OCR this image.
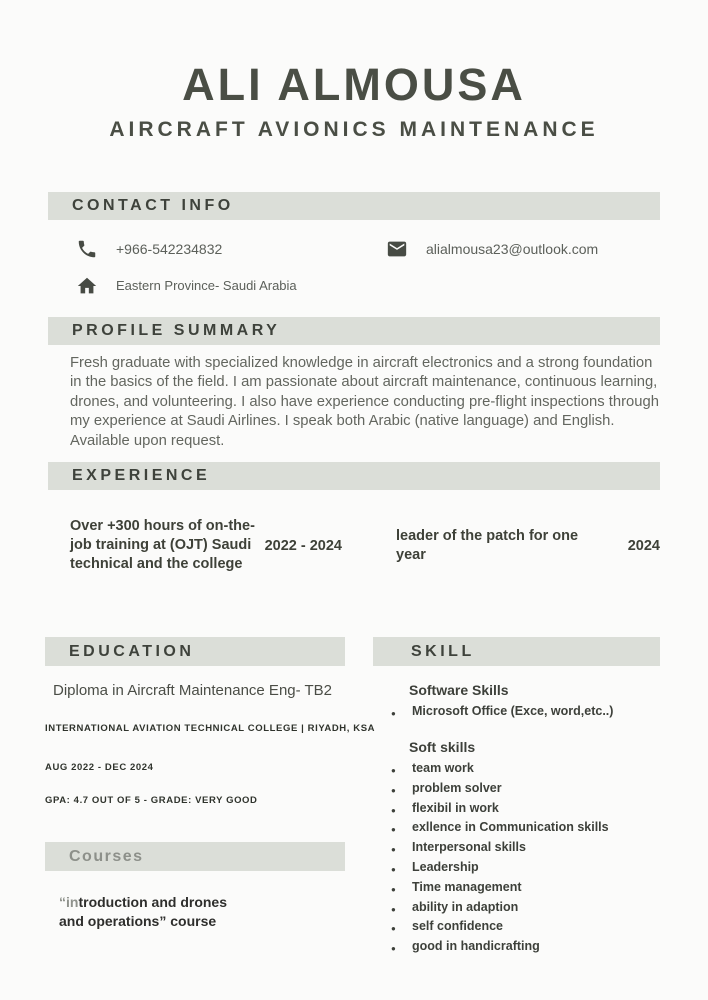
ALI ALMOUSA
AIRCRAFT AVIONICS MAINTENANCE
CONTACT INFO
+966-542234832	alialmousa23@outlook.com
Eastern Province- Saudi Arabia
PROFILE SUMMARY

Fresh graduate with specialized knowledge in aircraft electronics and a strong foundation in the basics of the field. I am passionate about aircraft maintenance, continuous learning, drones, and volunteering. I also have experience conducting pre-flight inspections through my experience at Saudi Airlines. I speak both Arabic (native language) and English. Available upon request.

EXPERIENCE
Over +300 hours of on-the-job training at (OJT) Saudi technical and the college
2022 - 2024
leader of the patch for one year
2024
EDUCATION
Diploma in Aircraft Maintenance Eng- TB2
INTERNATIONAL AVIATION TECHNICAL COLLEGE | RIYADH, KSA
AUG 2022 - DEC 2024
GPA: 4.7 OUT OF 5 - GRADE: VERY GOOD
Courses
“introduction and drones
and operations” course
SKILL
Software Skills
● Microsoft Office (Exce, word,etc..)
Soft skills
● team work
● problem solver
● flexibil in work
● exllence in Communication skills
● Interpersonal skills
● Leadership
● Time management
● ability in adaption
● self confidence
● good in handicrafting
